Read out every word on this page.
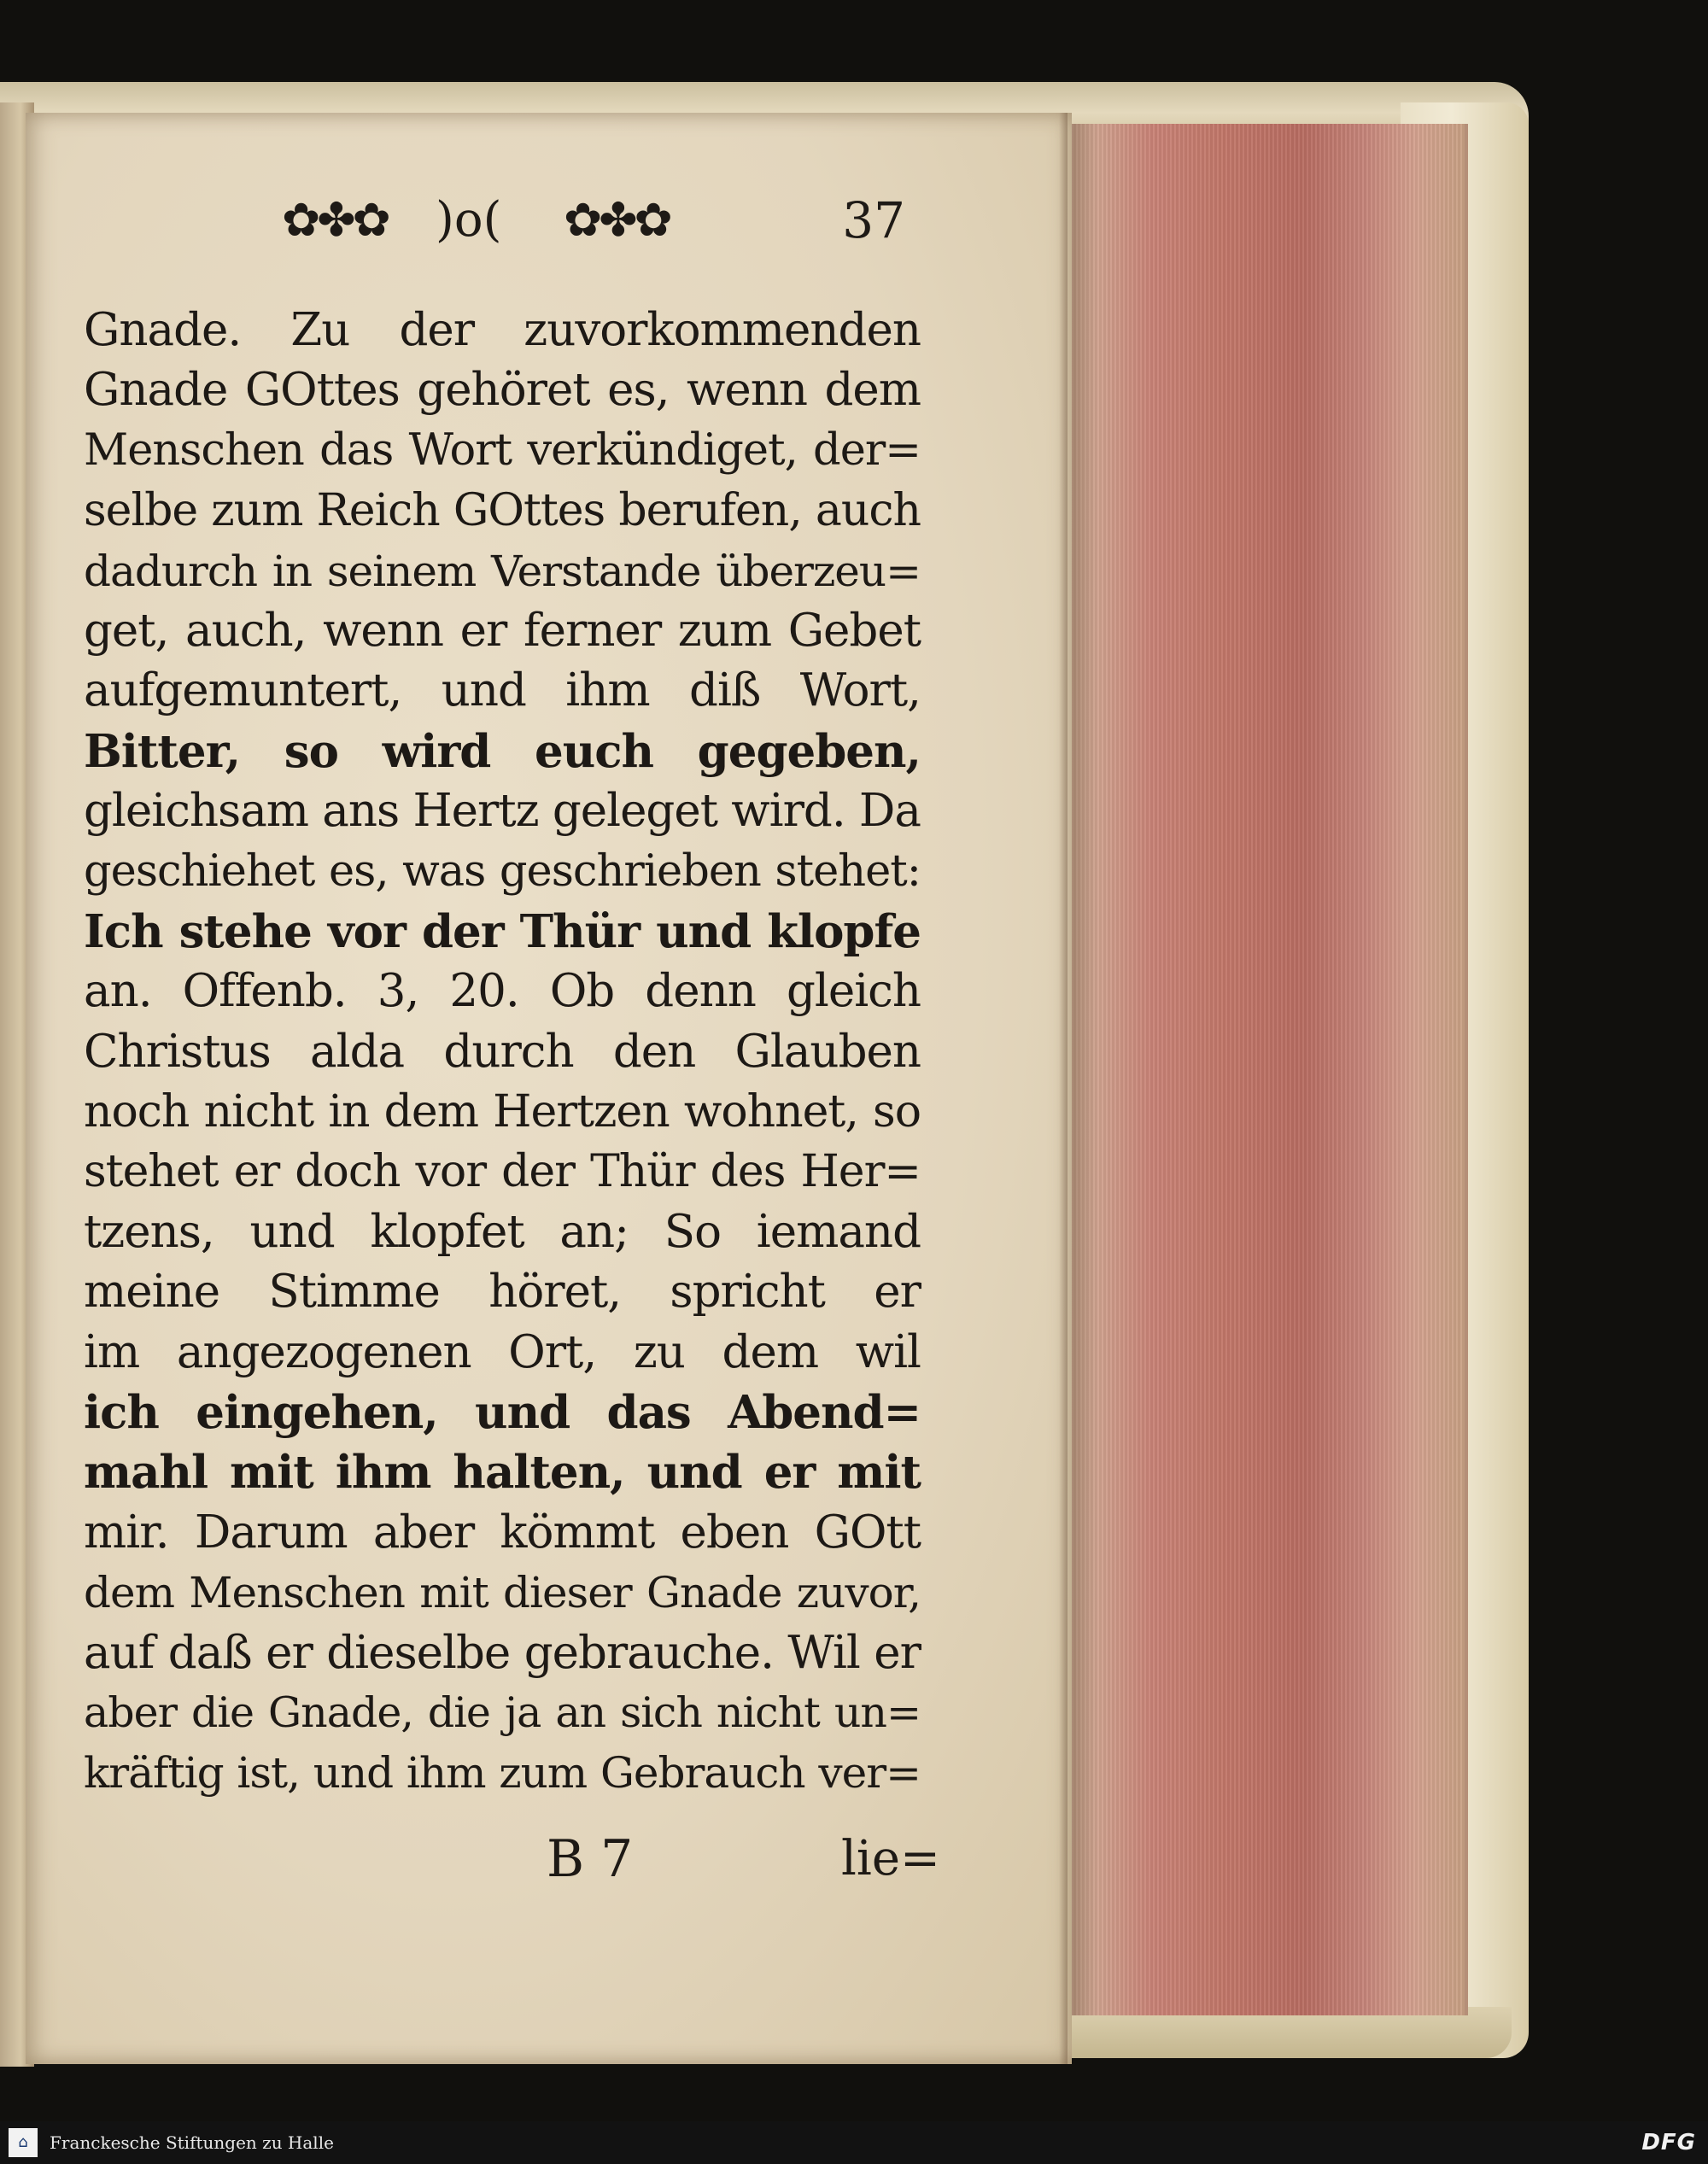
✿✤✿ )o( ✿✤✿	37
Gnade. Zu der zuvorkommenden
Gnade GOttes gehöret es, wenn dem
Menschen das Wort verkündiget, der=
selbe zum Reich GOttes berufen, auch
dadurch in seinem Verstande überzeu=
get, auch, wenn er ferner zum Gebet
aufgemuntert, und ihm diß Wort,
Bitter, so wird euch gegeben,
gleichsam ans Hertz geleget wird. Da
geschiehet es, was geschrieben stehet:
Ich stehe vor der Thür und klopfe
an. Offenb. 3, 20. Ob denn gleich
Christus alda durch den Glauben
noch nicht in dem Hertzen wohnet, so
stehet er doch vor der Thür des Her=
tzens, und klopfet an; So iemand
meine Stimme höret, spricht er
im angezogenen Ort, zu dem wil
ich eingehen, und das Abend=
mahl mit ihm halten, und er mit
mir. Darum aber kömmt eben GOtt
dem Menschen mit dieser Gnade zuvor,
auf daß er dieselbe gebrauche. Wil er
aber die Gnade, die ja an sich nicht un=
kräftig ist, und ihm zum Gebrauch ver=
B 7	lie=
⌂	Franckesche Stiftungen zu Halle	DFG
